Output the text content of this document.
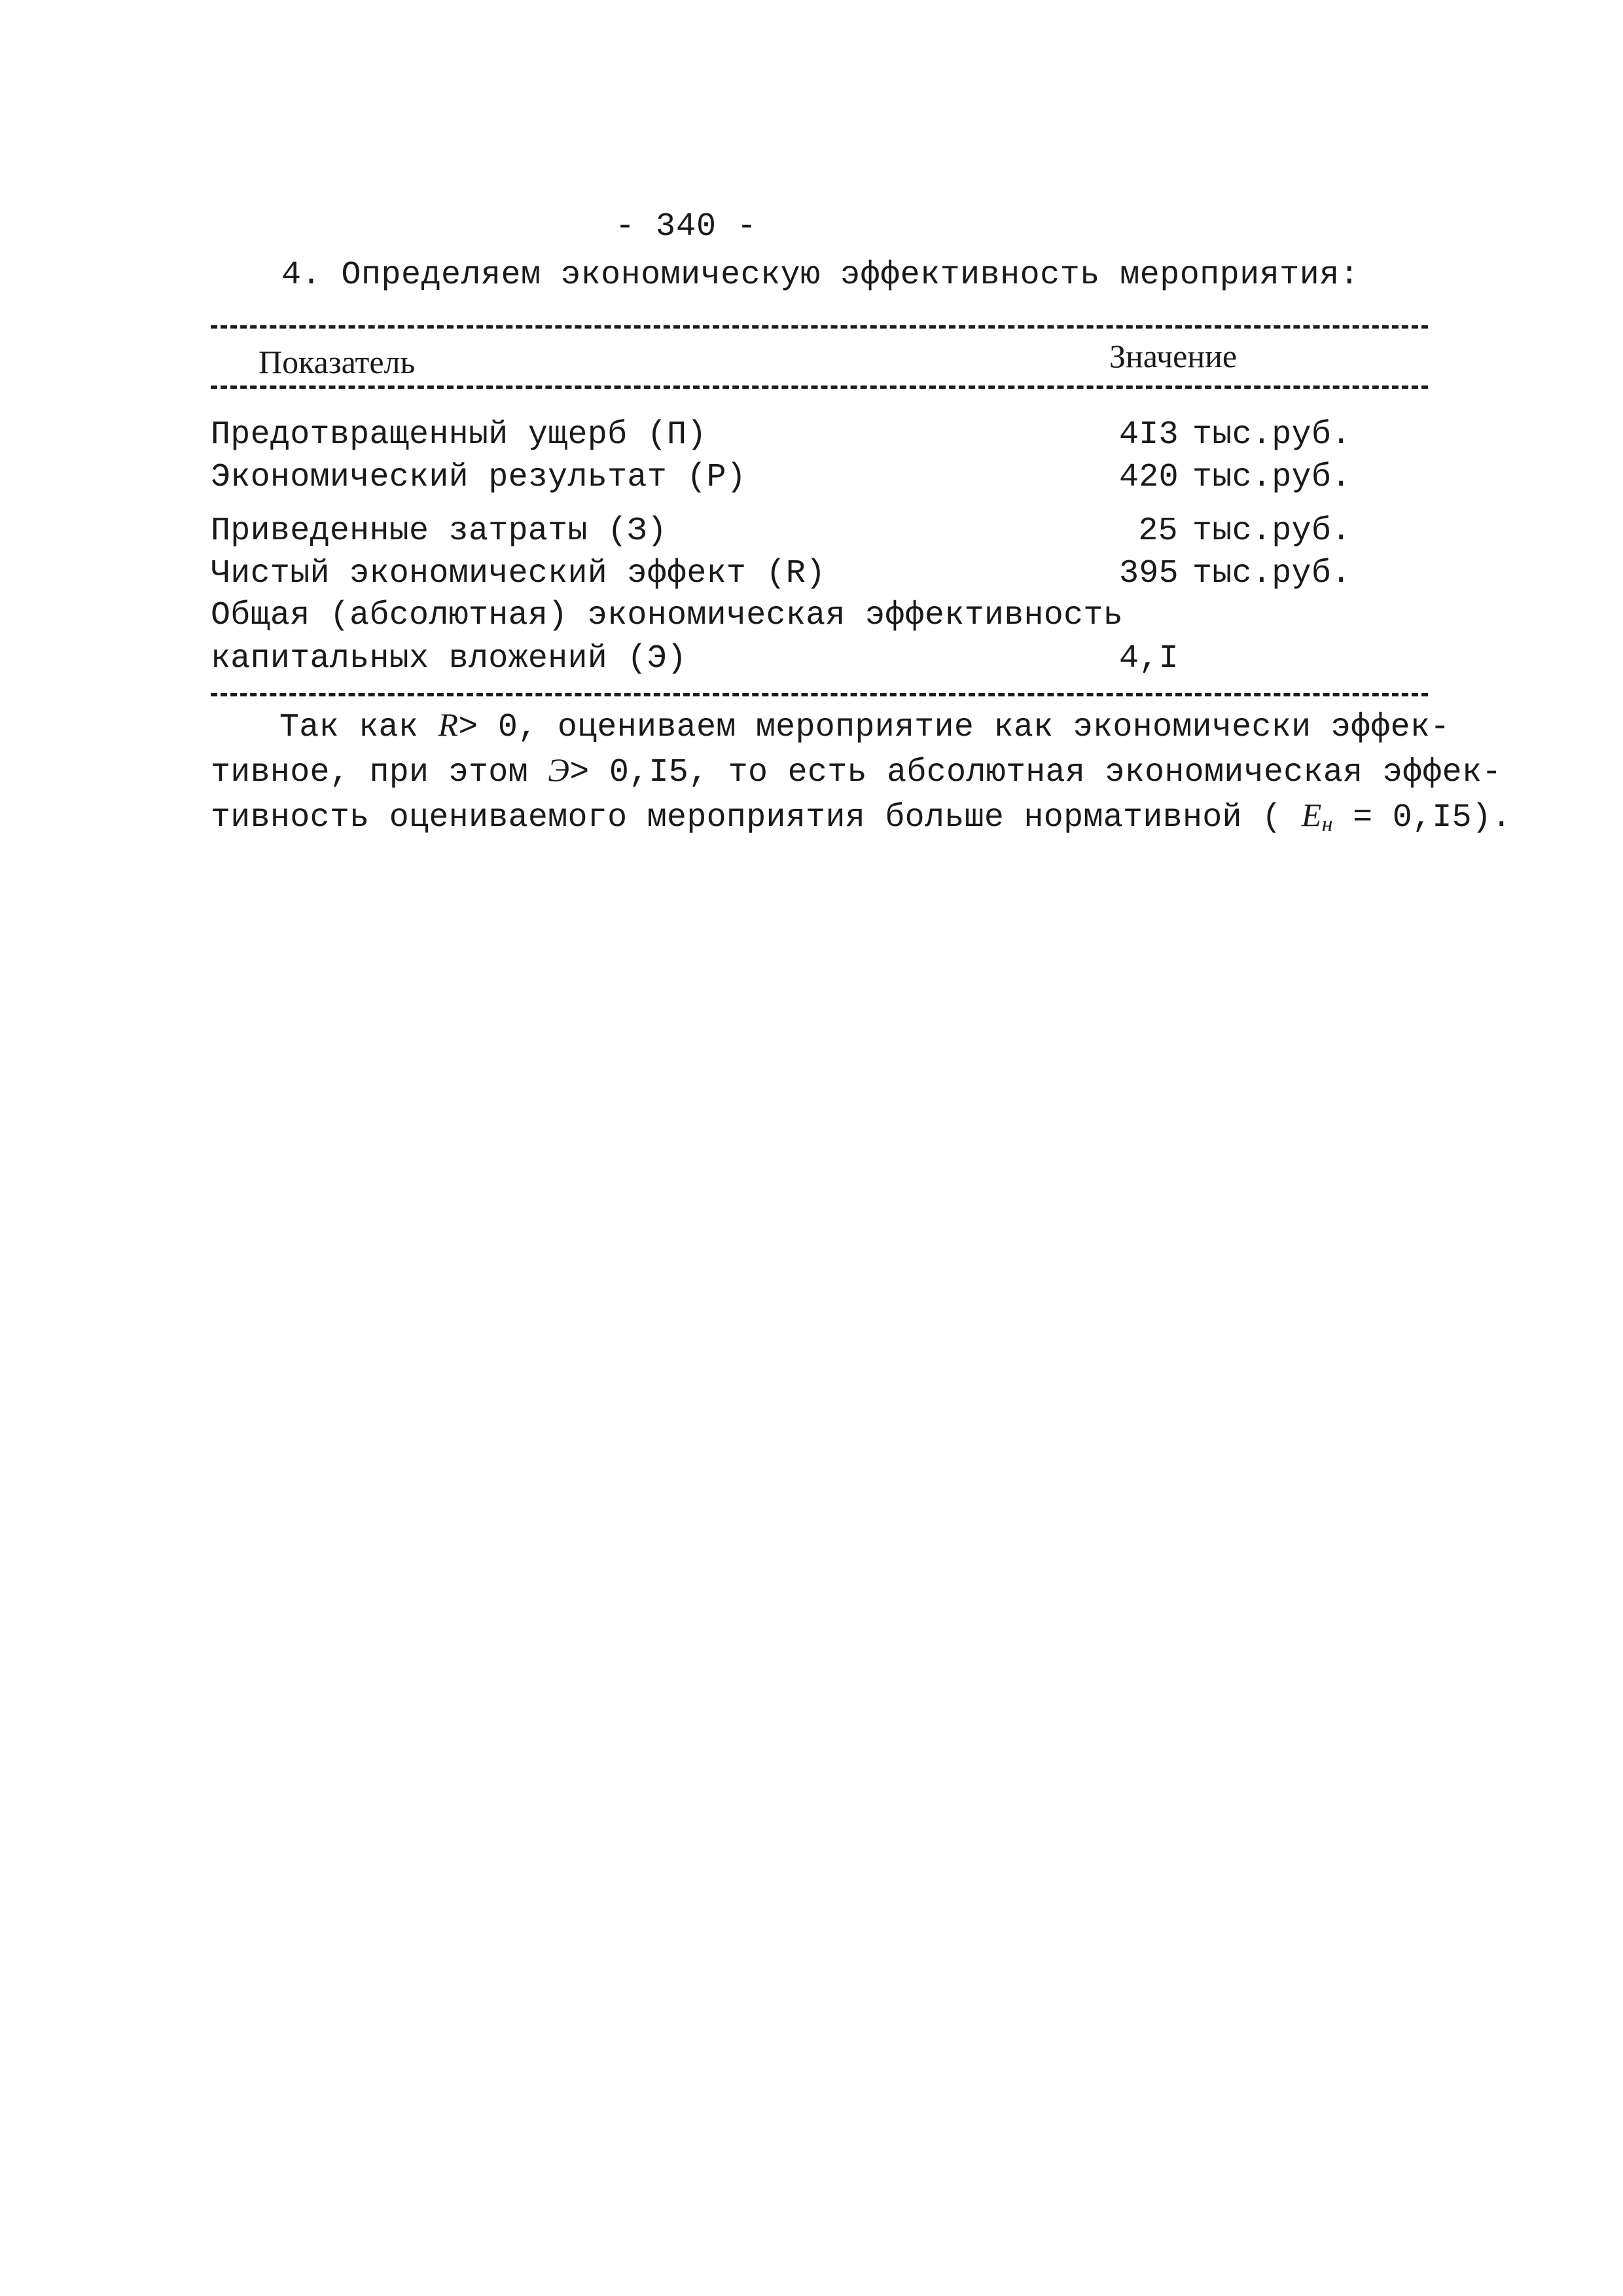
- 340 -
4. Определяем экономическую эффективность мероприятия:
Показатель	Значение
Предотвращенный ущерб (П)	4I3 тыс.руб.
Экономический результат (Р)	420 тыс.руб.
Приведенные затраты (З)	25 тыс.руб.
Чистый экономический эффект (R)	395 тыс.руб.
Общая (абсолютная) экономическая эффективность
капитальных вложений (Э)	4,I
Так как R> 0, оцениваем мероприятие как экономически эффек-
тивное, при этом Э> 0,I5, то есть абсолютная экономическая эффек-
тивность оцениваемого мероприятия больше нормативной ( $E_н = 0,I5$).
